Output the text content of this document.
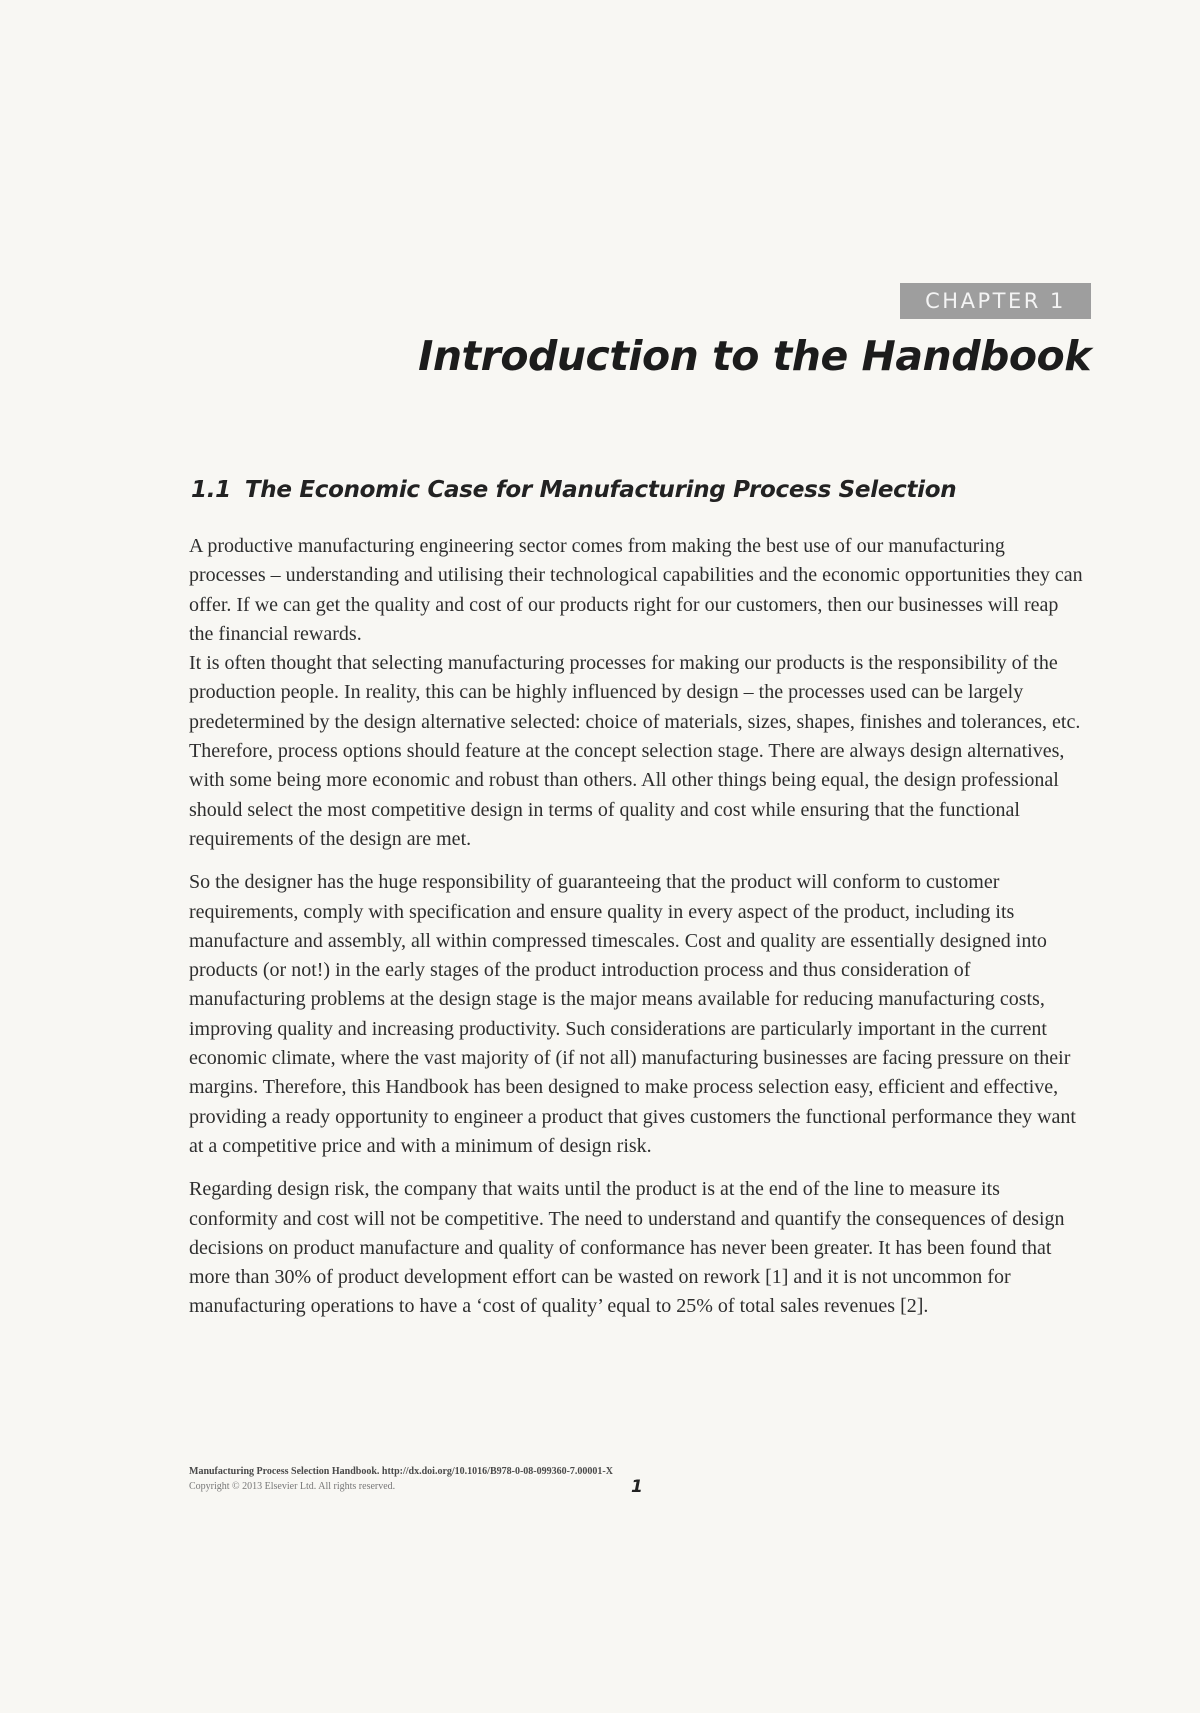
CHAPTER 1
Introduction to the Handbook
1.1 The Economic Case for Manufacturing Process Selection

A productive manufacturing engineering sector comes from making the best use of our manufacturing processes – understanding and utilising their technological capabilities and the economic opportunities they can offer. If we can get the quality and cost of our products right for our customers, then our businesses will reap the financial rewards.

It is often thought that selecting manufacturing processes for making our products is the responsibility of the production people. In reality, this can be highly influenced by design – the processes used can be largely predetermined by the design alternative selected: choice of materials, sizes, shapes, finishes and tolerances, etc. Therefore, process options should feature at the concept selection stage. There are always design alternatives, with some being more economic and robust than others. All other things being equal, the design professional should select the most competitive design in terms of quality and cost while ensuring that the functional requirements of the design are met.

So the designer has the huge responsibility of guaranteeing that the product will conform to customer requirements, comply with specification and ensure quality in every aspect of the product, including its manufacture and assembly, all within compressed timescales. Cost and quality are essentially designed into products (or not!) in the early stages of the product introduction process and thus consideration of manufacturing problems at the design stage is the major means available for reducing manufacturing costs, improving quality and increasing productivity. Such considerations are particularly important in the current economic climate, where the vast majority of (if not all) manufacturing businesses are facing pressure on their margins. Therefore, this Handbook has been designed to make process selection easy, efficient and effective, providing a ready opportunity to engineer a product that gives customers the functional performance they want at a competitive price and with a minimum of design risk.

Regarding design risk, the company that waits until the product is at the end of the line to measure its conformity and cost will not be competitive. The need to understand and quantify the consequences of design decisions on product manufacture and quality of conformance has never been greater. It has been found that more than 30% of product development effort can be wasted on rework [1] and it is not uncommon for manufacturing operations to have a ‘cost of quality’ equal to 25% of total sales revenues [2].

Manufacturing Process Selection Handbook. http://dx.doi.org/10.1016/B978-0-08-099360-7.00001-X
Copyright © 2013 Elsevier Ltd. All rights reserved.	1
